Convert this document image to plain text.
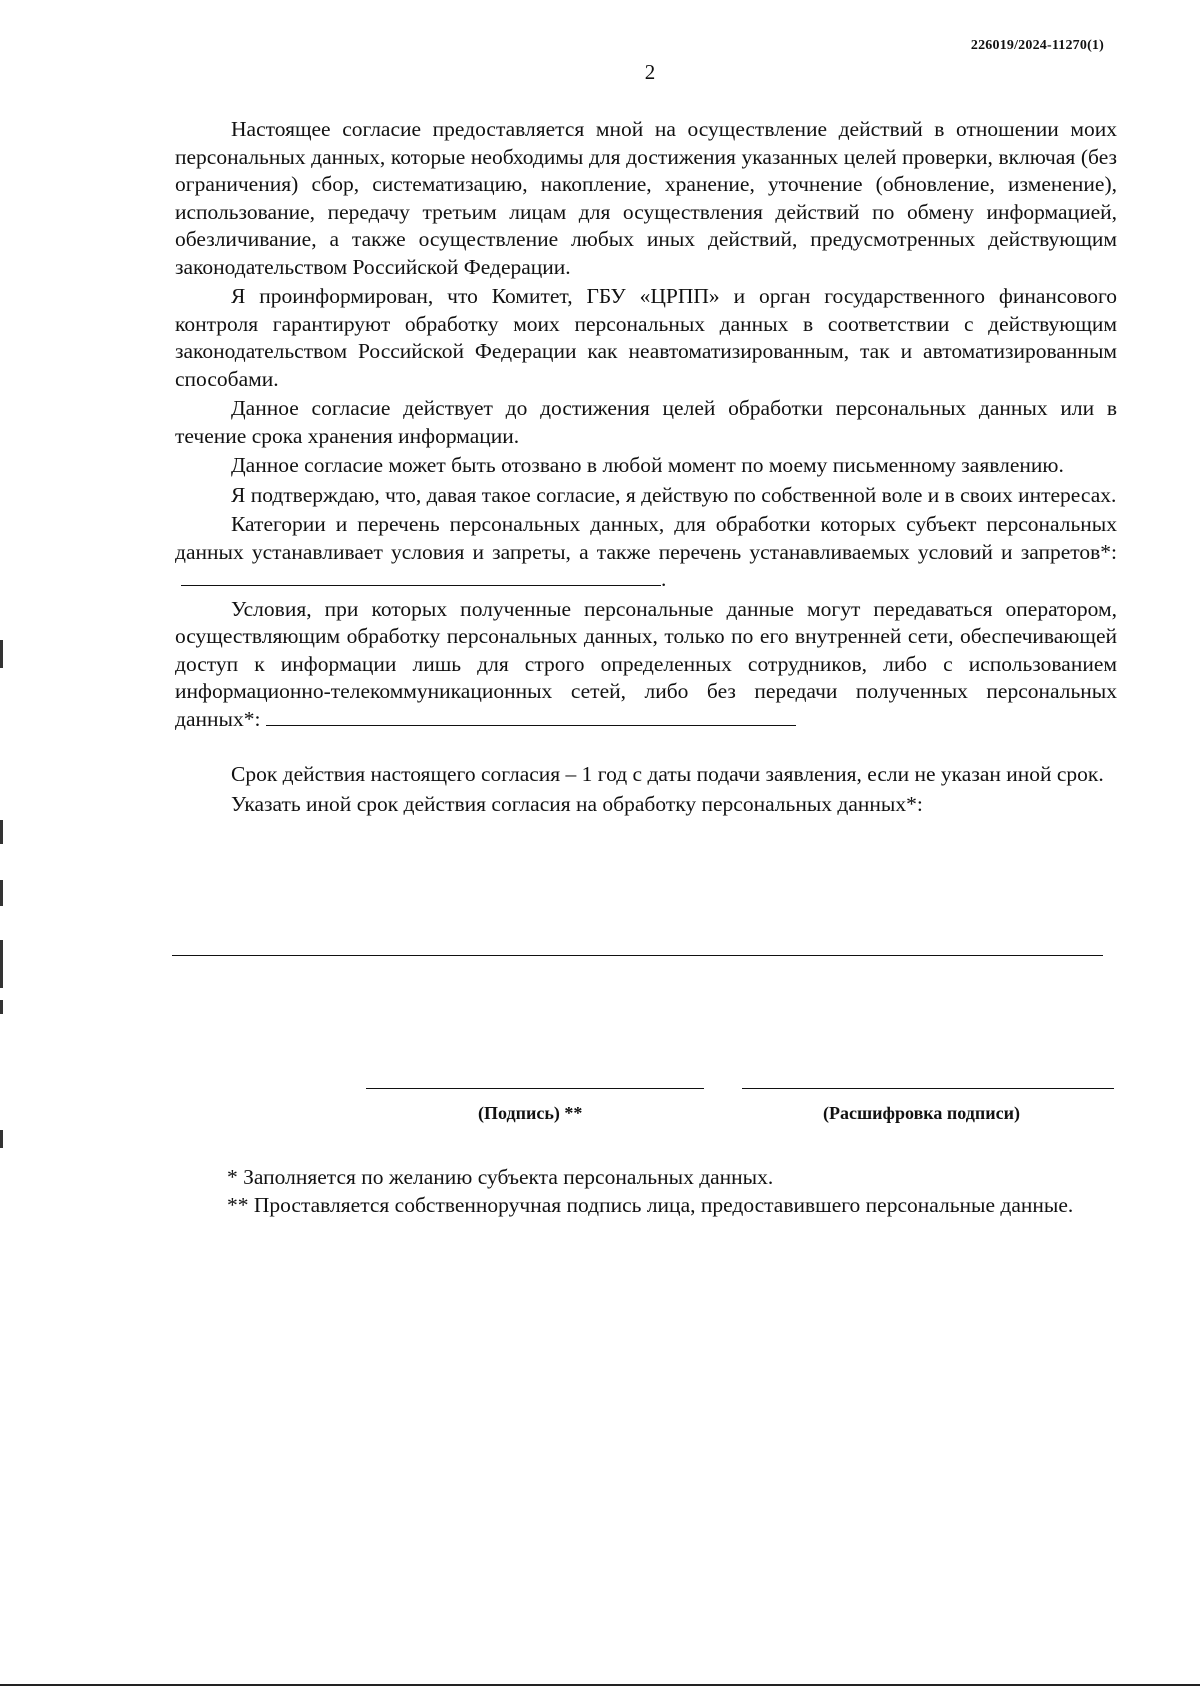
226019/2024-11270(1)
2

Настоящее согласие предоставляется мной на осуществление действий в отношении моих персональных данных, которые необходимы для достижения указанных целей проверки, включая (без ограничения) сбор, систематизацию, накопление, хранение, уточнение (обновление, изменение), использование, передачу третьим лицам для осуществления действий по обмену информацией, обезличивание, а также осуществление любых иных действий, предусмотренных действующим законодательством Российской Федерации.

Я проинформирован, что Комитет, ГБУ «ЦРПП» и орган государственного финансового контроля гарантируют обработку моих персональных данных в соответствии с действующим законодательством Российской Федерации как неавтоматизированным, так и автоматизированным способами.

Данное согласие действует до достижения целей обработки персональных данных или в течение срока хранения информации.

Данное согласие может быть отозвано в любой момент по моему письменному заявлению.

Я подтверждаю, что, давая такое согласие, я действую по собственной воле и в своих интересах.

Категории и перечень персональных данных, для обработки которых субъект персональных данных устанавливает условия и запреты, а также перечень устанавливаемых условий и запретов*:.

Условия, при которых полученные персональные данные могут передаваться оператором, осуществляющим обработку персональных данных, только по его внутренней сети, обеспечивающей доступ к информации лишь для строго определенных сотрудников, либо с использованием информационно-телекоммуникационных сетей, либо без передачи полученных персональных данных*:

Срок действия настоящего согласия – 1 год с даты подачи заявления, если не указан иной срок.

Указать иной срок действия согласия на обработку персональных данных*:

(Подпись) **	(Расшифровка подписи)

* Заполняется по желанию субъекта персональных данных.

** Проставляется собственноручная подпись лица, предоставившего персональные данные.
